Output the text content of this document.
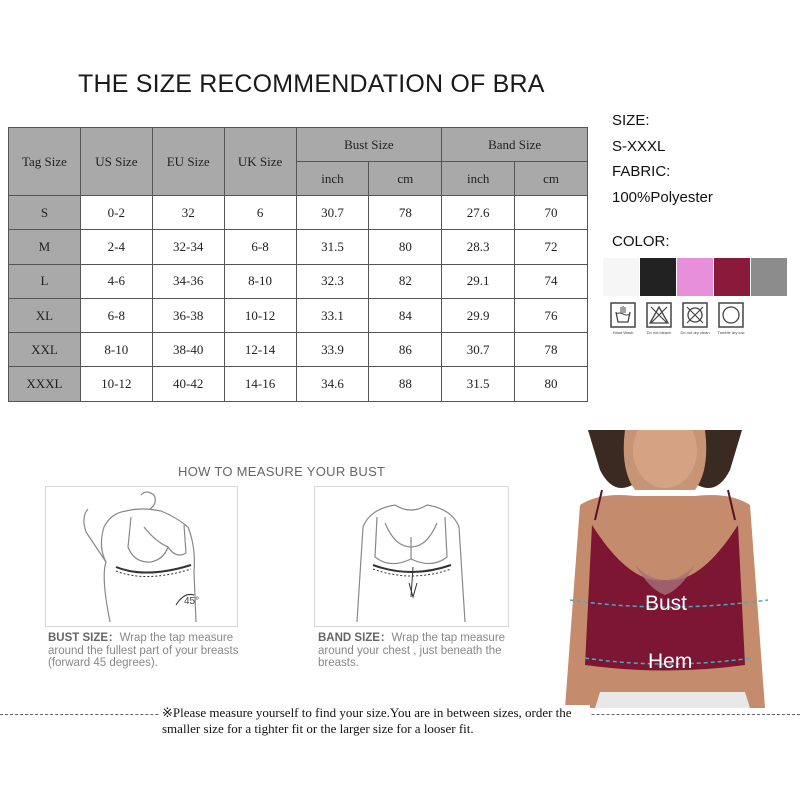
THE SIZE RECOMMENDATION OF BRA
Tag Size	US Size	EU Size	UK Size	Bust Size		Band Size	
				inch	cm	inch	cm
S	0-2	32	6	30.7	78	27.6	70
M	2-4	32-34	6-8	31.5	80	28.3	72
L	4-6	34-36	8-10	32.3	82	29.1	74
XL	6-8	36-38	10-12	33.1	84	29.9	76
XXL	8-10	38-40	12-14	33.9	86	30.7	78
XXXL	10-12	40-42	14-16	34.6	88	31.5	80
SIZE:
S-XXXL
FABRIC:
100%Polyester
COLOR:
Hand Wash	Do not bleach Do not dry clean Tumble dry low
HOW TO MEASURE YOUR BUST
45°
BUST SIZE：Wrap the tap measure around the fullest part of your breasts (forward 45 degrees).
BAND SIZE：Wrap the tap measure around your chest , just beneath the breasts.
Bust
Hem
※Please measure yourself to find your size.You are in between sizes, order the smaller size for a tighter fit or the larger size for a looser fit.
